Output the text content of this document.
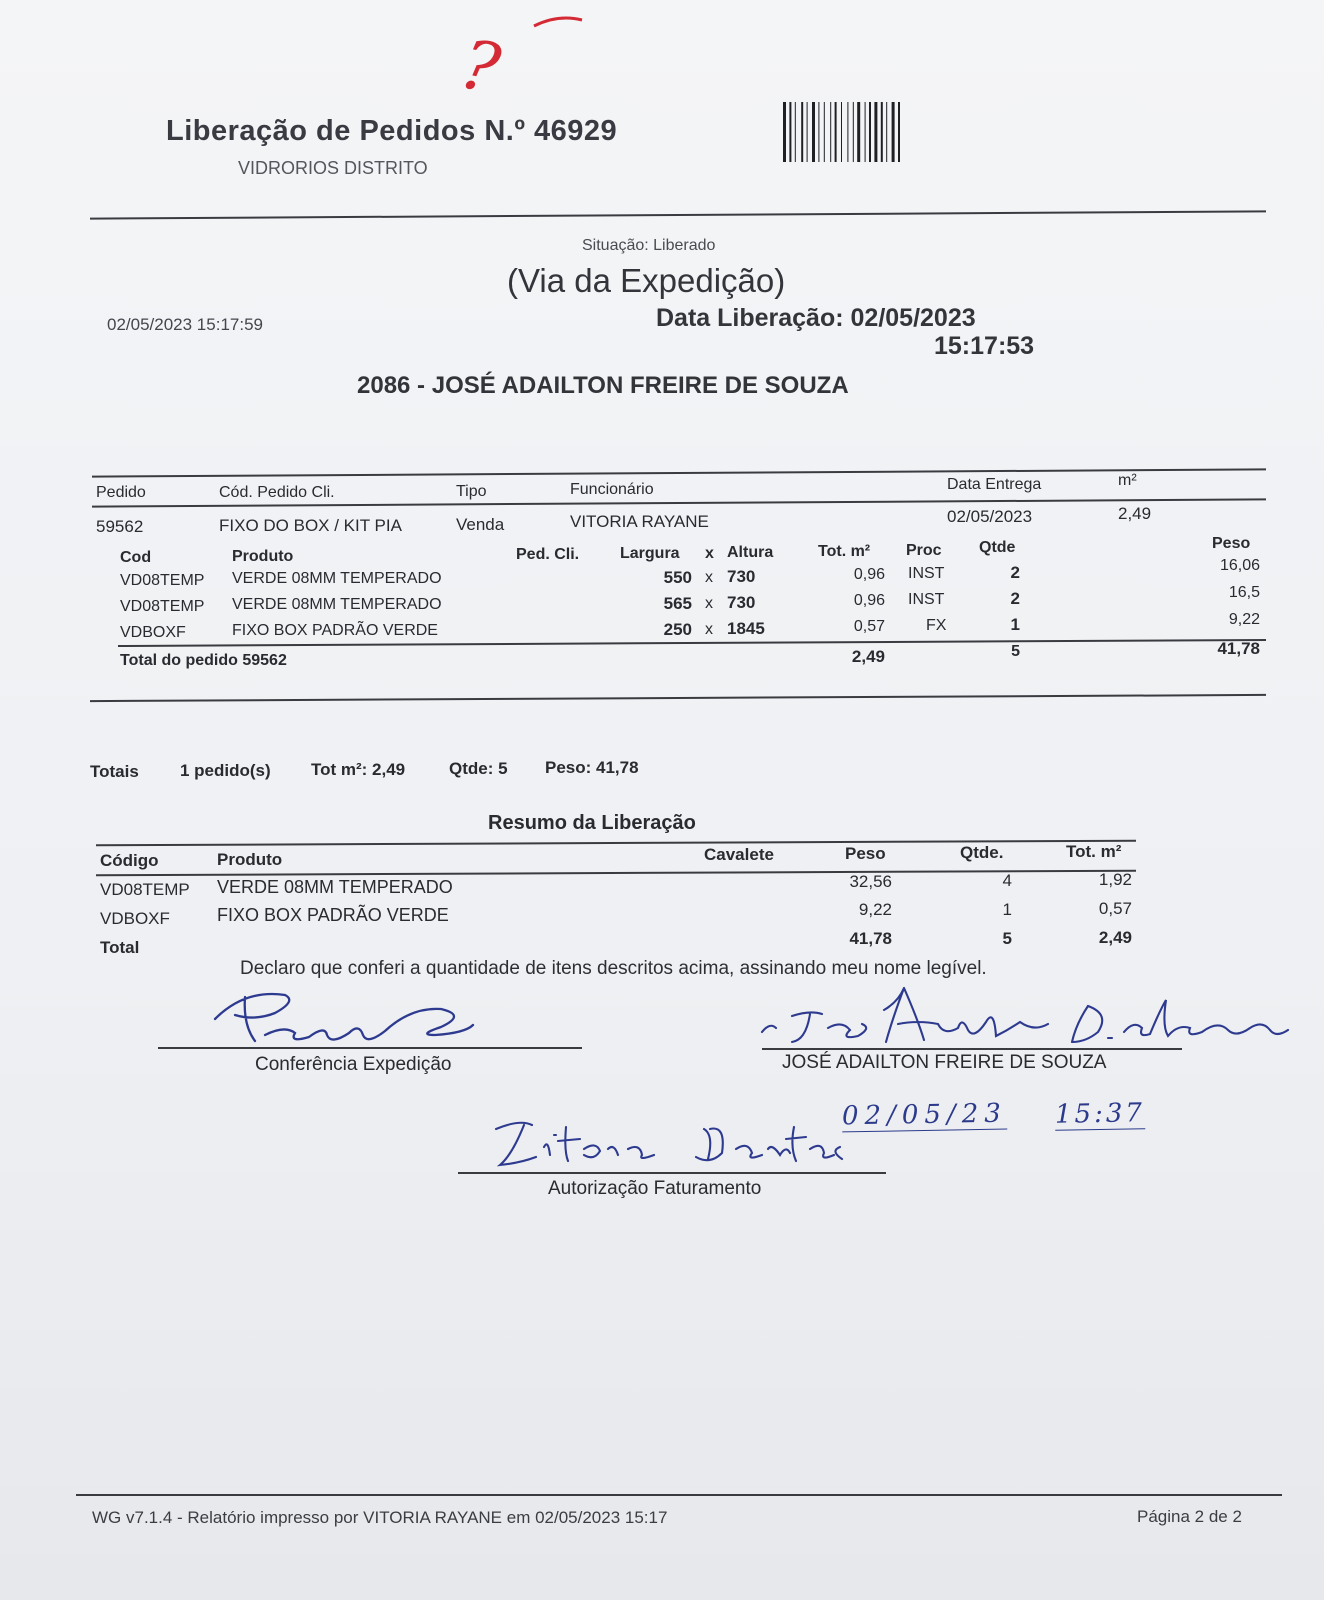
?
Liberação de Pedidos N.º 46929
VIDRORIOS DISTRITO
Situação: Liberado
(Via da Expedição)
02/05/2023 15:17:59	Data Liberação: 02/05/2023
15:17:53
2086 - JOSÉ ADAILTON FREIRE DE SOUZA
Pedido	Cód. Pedido Cli.	Tipo	Funcionário	Data Entrega	m²
59562	FIXO DO BOX / KIT PIA	Venda	VITORIA RAYANE	02/05/2023	2,49
Cod	Produto	Ped. Cli.	Largura x Altura	Tot. m² Proc Qtde	Peso
VD08TEMP VERDE 08MM TEMPERADO	550 x 730	0,96 INST	2	16,06
VD08TEMP VERDE 08MM TEMPERADO	565 x 730	0,96 INST	2	16,5
VDBOXF	FIXO BOX PADRÃO VERDE	250 x 1845	0,57	FX	1	9,22
Total do pedido 59562	2,49	5	41,78
Totais 1 pedido(s) Tot m²: 2,49	Qtde: 5 Peso: 41,78
Resumo da Liberação
Código	Produto	Cavalete	Peso	Qtde.	Tot. m²
VD08TEMP VERDE 08MM TEMPERADO	32,56	4	1,92
VDBOXF	FIXO BOX PADRÃO VERDE	9,22	1	0,57
Total	41,78	5	2,49
Declaro que conferi a quantidade de itens descritos acima, assinando meu nome legível.
Conferência Expedição	JOSÉ ADAILTON FREIRE DE SOUZA
02/05/23 15:37
Autorização Faturamento
WG v7.1.4 - Relatório impresso por VITORIA RAYANE em 02/05/2023 15:17	Página 2 de 2
